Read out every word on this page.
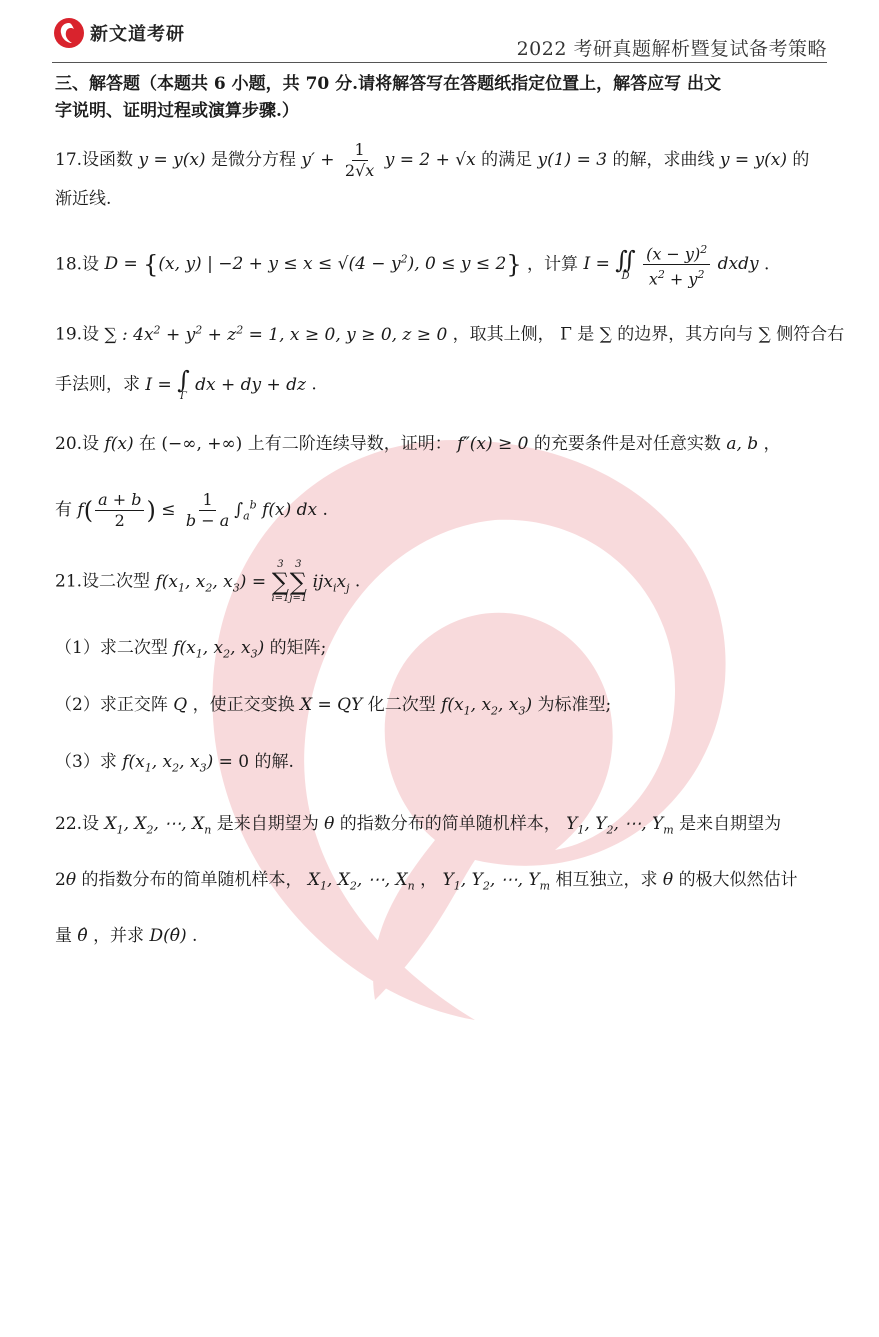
新文道考研
2022 考研真题解析暨复试备考策略
三、解答题（本题共 6 小题，共 70 分.请将解答写在答题纸指定位置上，解答应写 出文
字说明、证明过程或演算步骤.）
17.设函数 y = y(x) 是微分方程 $y' + \frac{1}{2√x}$ y = 2 + √x 的满足 y(1) = 3 的解，求曲线 y = y(x) 的
渐近线.
18.设 D = {(x, y) | $-2 + y \le x \le √(4 - y^2)$, 0 ≤ y ≤ 2} ，计算 I = ∬
D
$\frac{(x - y)^2}{x^2 + y^2}$ dxdy .
19.设 ∑ : $4x^2 + y^2 + z^2 = 1$, x ≥ 0, y ≥ 0, z ≥ 0 ，取其上侧， Γ 是 ∑ 的边界，其方向与 ∑ 侧符合右
手法则，求 I = ∫
Γ
dx + dy + dz .
20.设 f(x) 在 (−∞, +∞) 上有二阶连续导数，证明： f″(x) ≥ 0 的充要条件是对任意实数 a, b ，
有 $f( \frac{a + b}{2}$ ) ≤ $\frac{1}{b - a} \int_a^b$ f(x) dx .
21.设二次型 $f(x_1$, $x_2$, $x_3$) =
3
∑
i=1
3
∑
j=1
$ijx_ix_j$ .
（1）求二次型 $f(x_1$, $x_2$, $x_3$) 的矩阵;
（2）求正交阵 Q ，使正交变换 X = QY 化二次型 $f(x_1$, $x_2$, $x_3$) 为标准型;
（3）求 $f(x_1$, $x_2$, $x_3) = 0$ 的解.
22.设 $X_1$, $X_2$, ⋯, $X_n$ 是来自期望为 θ 的指数分布的简单随机样本， $Y_1$, $Y_2$, ⋯, $Y_m$ 是来自期望为
2θ 的指数分布的简单随机样本， $X_1$, $X_2$, ⋯, $X_n$ ， $Y_1$, $Y_2$, ⋯, $Y_m$ 相互独立，求 θ 的极大似然估计
量 θ̂ ，并求 D(θ̂) .
